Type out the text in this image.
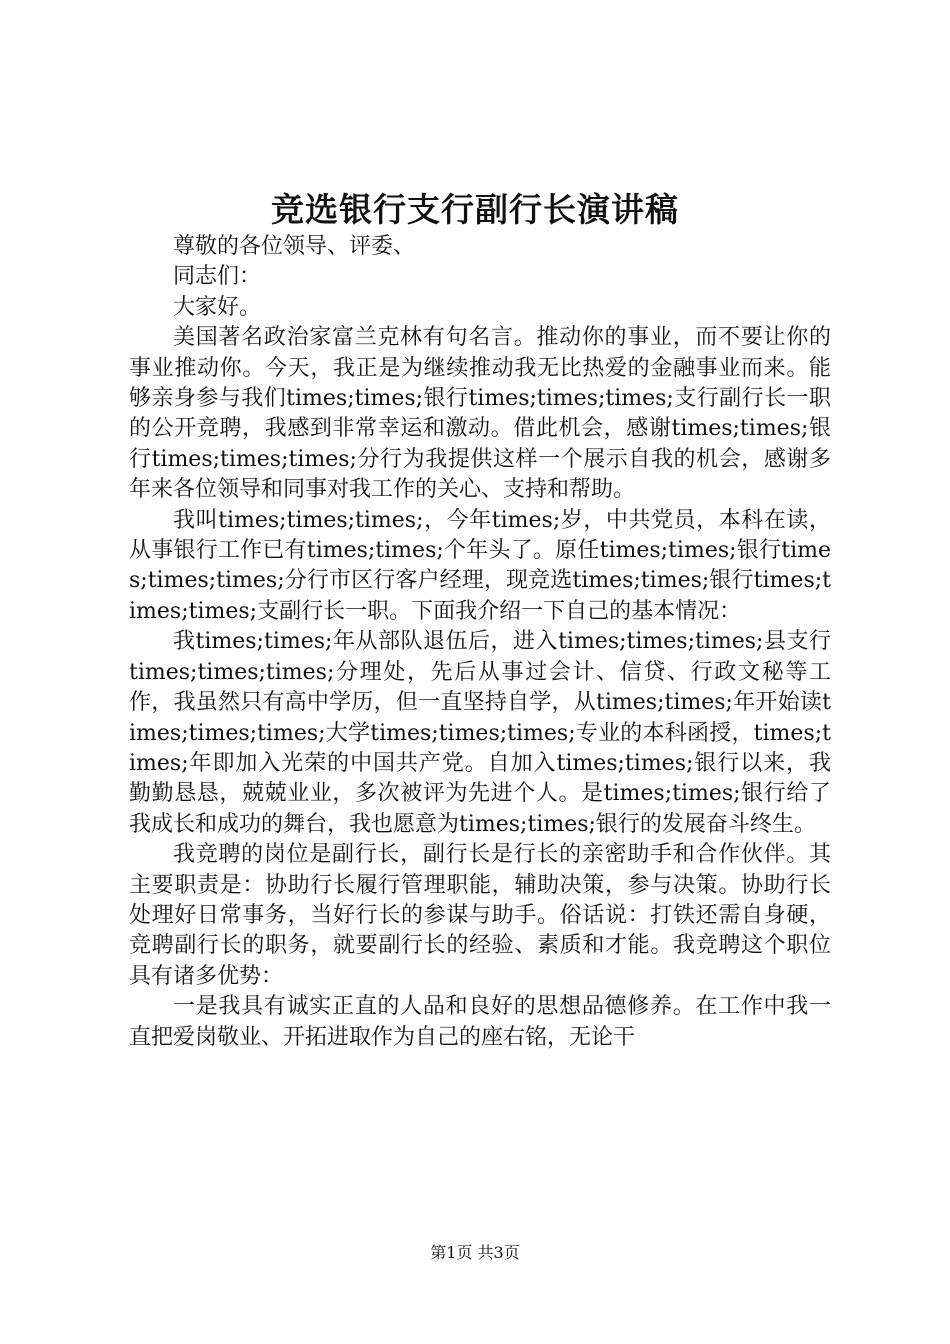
竞选银行支行副行长演讲稿

尊敬的各位领导、评委、

同志们：

大家好。

美国著名政治家富兰克林有句名言。推动你的事业，而不要让你的事业推动你。今天，我正是为继续推动我无比热爱的金融事业而来。能够亲身参与我们times;times;银行times;times;times;支行副行长一职的公开竞聘，我感到非常幸运和激动。借此机会，感谢times;times;银行times;times;times;分行为我提供这样一个展示自我的机会，感谢多年来各位领导和同事对我工作的关心、支持和帮助。

我叫times;times;times;，今年times;岁，中共党员，本科在读，从事银行工作已有times;times;个年头了。原任times;times;银行times;times;times;分行市区行客户经理，现竞选times;times;银行times;times;times;支副行长一职。下面我介绍一下自己的基本情况：

我times;times;年从部队退伍后，进入times;times;times;县支行times;times;times;分理处，先后从事过会计、信贷、行政文秘等工作，我虽然只有高中学历，但一直坚持自学，从times;times;年开始读times;times;times;大学times;times;times;专业的本科函授，times;times;年即加入光荣的中国共产党。自加入times;times;银行以来，我勤勤恳恳，兢兢业业，多次被评为先进个人。是times;times;银行给了我成长和成功的舞台，我也愿意为times;times;银行的发展奋斗终生。

我竞聘的岗位是副行长，副行长是行长的亲密助手和合作伙伴。其主要职责是：协助行长履行管理职能，辅助决策，参与决策。协助行长处理好日常事务，当好行长的参谋与助手。俗话说：打铁还需自身硬，竞聘副行长的职务，就要副行长的经验、素质和才能。我竞聘这个职位具有诸多优势：

一是我具有诚实正直的人品和良好的思想品德修养。在工作中我一直把爱岗敬业、开拓进取作为自己的座右铭，无论干

第1页 共3页
